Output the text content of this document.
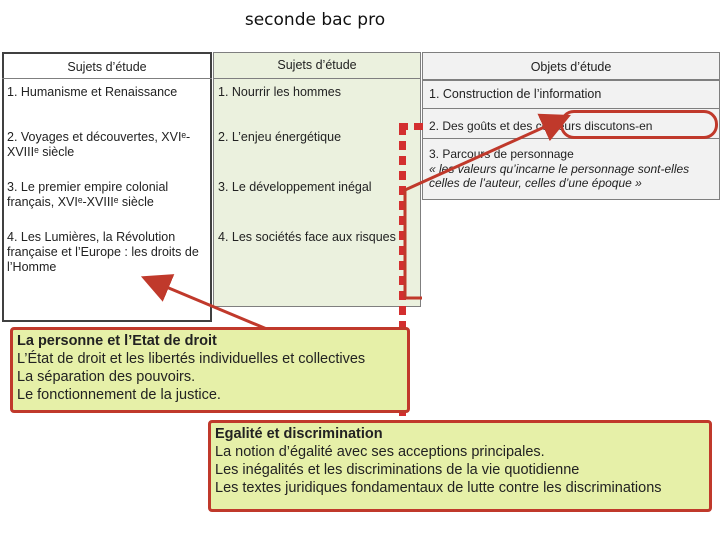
seconde bac pro
Sujets d’étude
1. Humanisme et Renaissance
2. Voyages et découvertes, XVIᵉ-XVIIIᵉ siècle
3. Le premier empire colonial français, XVIᵉ-XVIIIᵉ siècle
4. Les Lumières, la Révolution française et l’Europe : les droits de l’Homme
Sujets d’étude
1. Nourrir les hommes
2. L’enjeu énergétique
3. Le développement inégal
4. Les sociétés face aux risques
Objets d’étude
1. Construction de l’information
2. Des goûts et des couleurs discutons-en
3. Parcours de personnage
« les valeurs qu’incarne le personnage sont-elles celles de l’auteur, celles d’une époque »
La personne et l’Etat de droit
L’État de droit et les libertés individuelles et collectives
La séparation des pouvoirs.
Le fonctionnement de la justice.
Egalité et discrimination
La notion d’égalité avec ses acceptions principales.
Les inégalités et les discriminations de la vie quotidienne
Les textes juridiques fondamentaux de lutte contre les discriminations
